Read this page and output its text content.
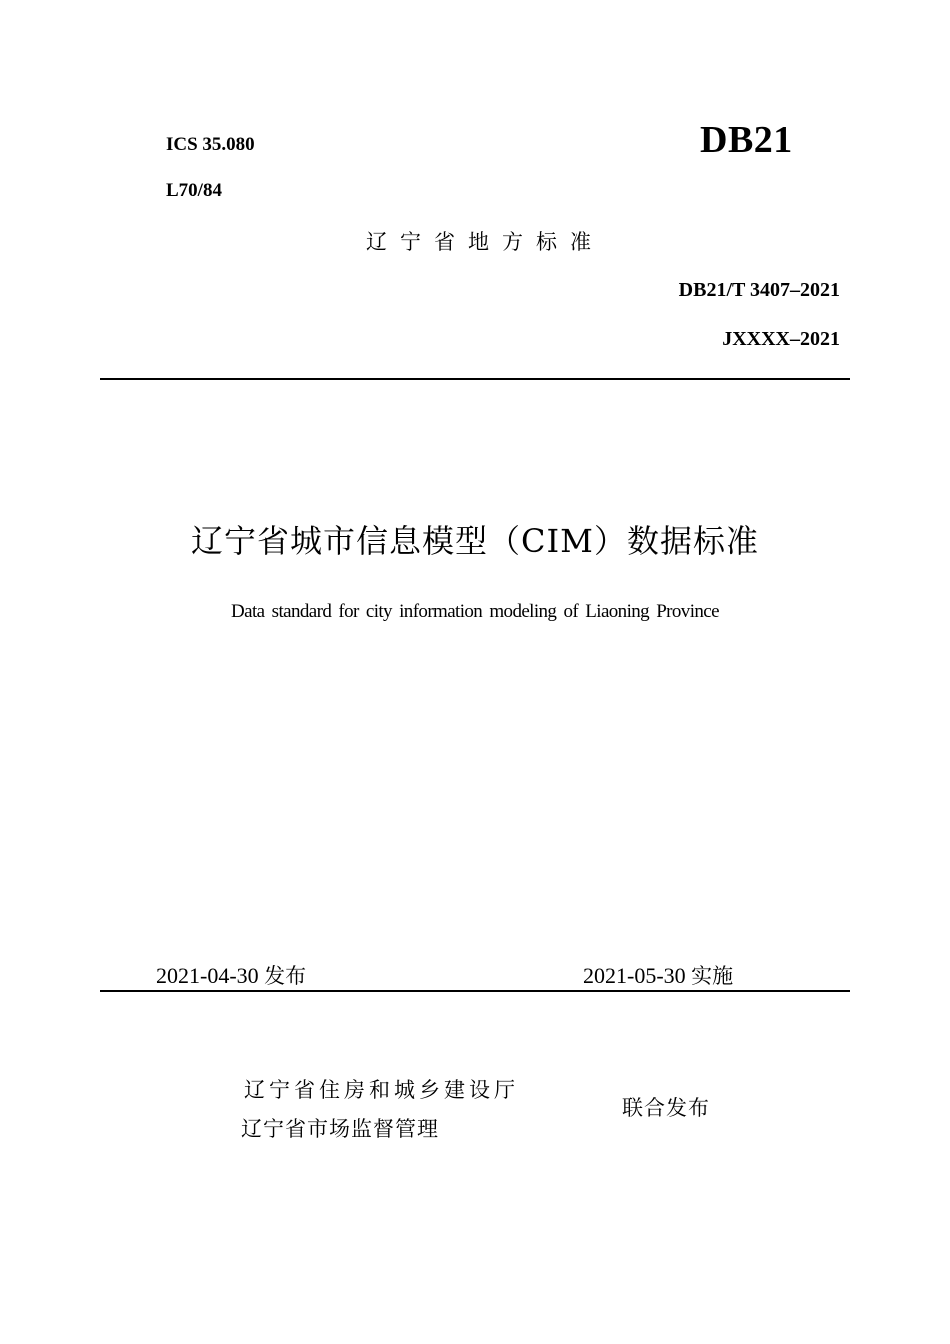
ICS 35.080
L70/84
DB21
辽宁省地方标准
DB21/T 3407–2021
JXXXX–2021
辽宁省城市信息模型（CIM）数据标准
Data standard for city information modeling of Liaoning Province
2021-04-30 发布	2021-05-30 实施
辽宁省住房和城乡建设厅
辽宁省市场监督管理
联合发布
